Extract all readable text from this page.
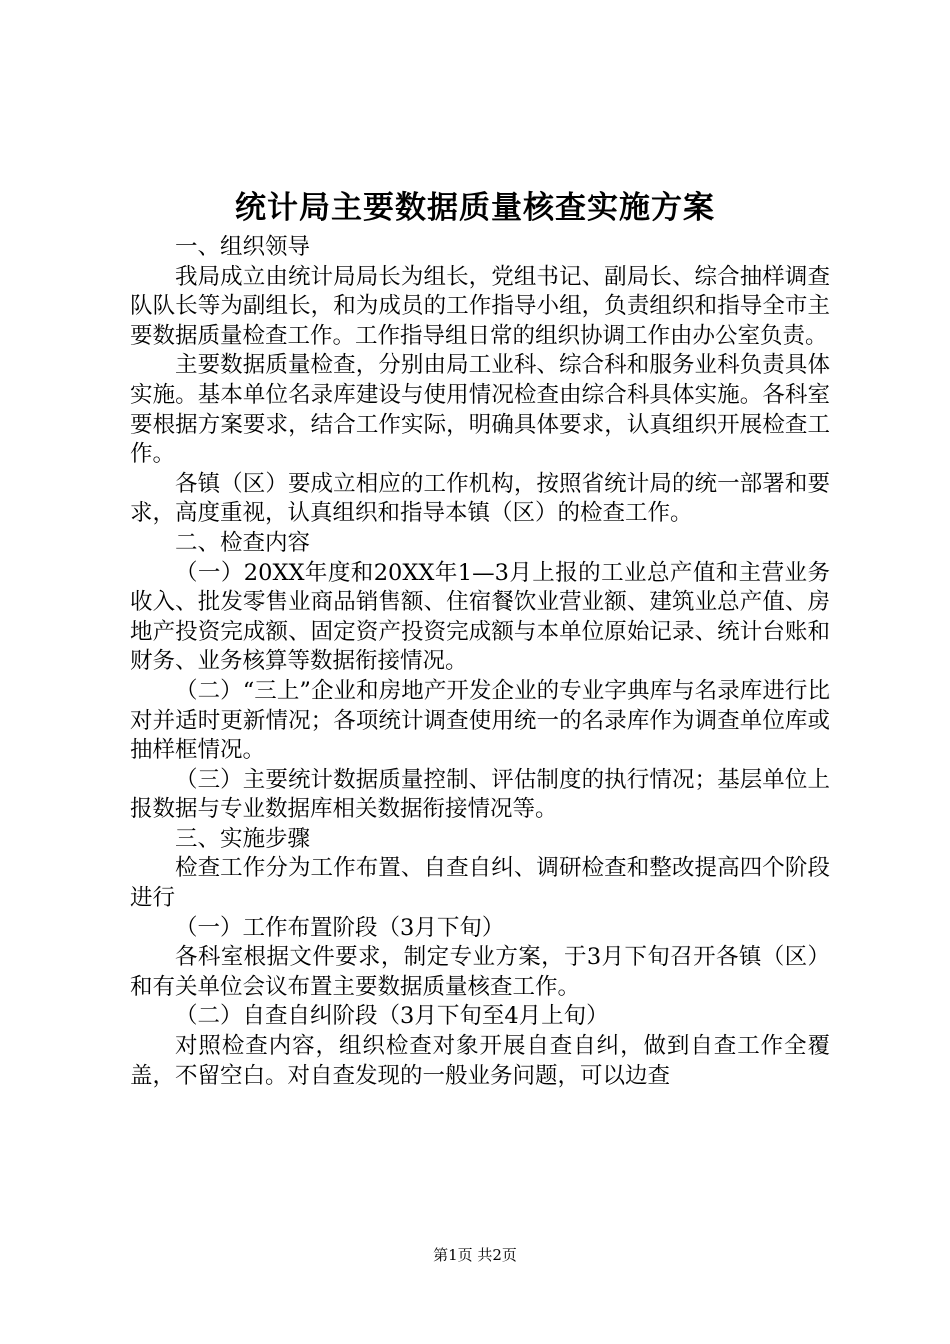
统计局主要数据质量核查实施方案

一、组织领导

我局成立由统计局局长为组长，党组书记、副局长、综合抽样调查队队长等为副组长，和为成员的工作指导小组，负责组织和指导全市主要数据质量检查工作。工作指导组日常的组织协调工作由办公室负责。

主要数据质量检查，分别由局工业科、综合科和服务业科负责具体实施。基本单位名录库建设与使用情况检查由综合科具体实施。各科室要根据方案要求，结合工作实际，明确具体要求，认真组织开展检查工作。

各镇（区）要成立相应的工作机构，按照省统计局的统一部署和要求，高度重视，认真组织和指导本镇（区）的检查工作。

二、检查内容

（一）20XX年度和20XX年1—3月上报的工业总产值和主营业务收入、批发零售业商品销售额、住宿餐饮业营业额、建筑业总产值、房地产投资完成额、固定资产投资完成额与本单位原始记录、统计台账和财务、业务核算等数据衔接情况。

（二）“三上”企业和房地产开发企业的专业字典库与名录库进行比对并适时更新情况；各项统计调查使用统一的名录库作为调查单位库或抽样框情况。

（三）主要统计数据质量控制、评估制度的执行情况；基层单位上报数据与专业数据库相关数据衔接情况等。

三、实施步骤

检查工作分为工作布置、自查自纠、调研检查和整改提高四个阶段进行

（一）工作布置阶段（3月下旬）

各科室根据文件要求，制定专业方案，于3月下旬召开各镇（区）和有关单位会议布置主要数据质量核查工作。

（二）自查自纠阶段（3月下旬至4月上旬）

对照检查内容，组织检查对象开展自查自纠，做到自查工作全覆盖，不留空白。对自查发现的一般业务问题，可以边查

第1页 共2页
